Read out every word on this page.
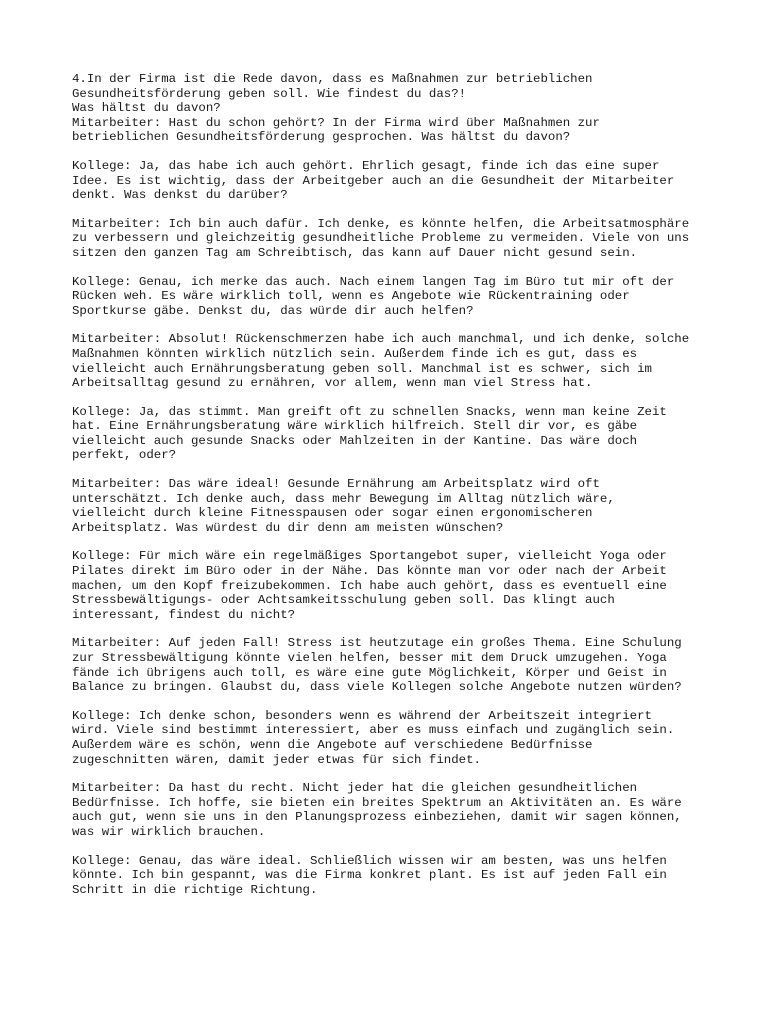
4.In der Firma ist die Rede davon, dass es Maßnahmen zur betrieblichen
Gesundheitsförderung geben soll. Wie findest du das?!
Was hältst du davon?
Mitarbeiter: Hast du schon gehört? In der Firma wird über Maßnahmen zur
betrieblichen Gesundheitsförderung gesprochen. Was hältst du davon?
Kollege: Ja, das habe ich auch gehört. Ehrlich gesagt, finde ich das eine super
Idee. Es ist wichtig, dass der Arbeitgeber auch an die Gesundheit der Mitarbeiter
denkt. Was denkst du darüber?
Mitarbeiter: Ich bin auch dafür. Ich denke, es könnte helfen, die Arbeitsatmosphäre
zu verbessern und gleichzeitig gesundheitliche Probleme zu vermeiden. Viele von uns
sitzen den ganzen Tag am Schreibtisch, das kann auf Dauer nicht gesund sein.
Kollege: Genau, ich merke das auch. Nach einem langen Tag im Büro tut mir oft der
Rücken weh. Es wäre wirklich toll, wenn es Angebote wie Rückentraining oder
Sportkurse gäbe. Denkst du, das würde dir auch helfen?
Mitarbeiter: Absolut! Rückenschmerzen habe ich auch manchmal, und ich denke, solche
Maßnahmen könnten wirklich nützlich sein. Außerdem finde ich es gut, dass es
vielleicht auch Ernährungsberatung geben soll. Manchmal ist es schwer, sich im
Arbeitsalltag gesund zu ernähren, vor allem, wenn man viel Stress hat.
Kollege: Ja, das stimmt. Man greift oft zu schnellen Snacks, wenn man keine Zeit
hat. Eine Ernährungsberatung wäre wirklich hilfreich. Stell dir vor, es gäbe
vielleicht auch gesunde Snacks oder Mahlzeiten in der Kantine. Das wäre doch
perfekt, oder?
Mitarbeiter: Das wäre ideal! Gesunde Ernährung am Arbeitsplatz wird oft
unterschätzt. Ich denke auch, dass mehr Bewegung im Alltag nützlich wäre,
vielleicht durch kleine Fitnesspausen oder sogar einen ergonomischeren
Arbeitsplatz. Was würdest du dir denn am meisten wünschen?
Kollege: Für mich wäre ein regelmäßiges Sportangebot super, vielleicht Yoga oder
Pilates direkt im Büro oder in der Nähe. Das könnte man vor oder nach der Arbeit
machen, um den Kopf freizubekommen. Ich habe auch gehört, dass es eventuell eine
Stressbewältigungs- oder Achtsamkeitsschulung geben soll. Das klingt auch
interessant, findest du nicht?
Mitarbeiter: Auf jeden Fall! Stress ist heutzutage ein großes Thema. Eine Schulung
zur Stressbewältigung könnte vielen helfen, besser mit dem Druck umzugehen. Yoga
fände ich übrigens auch toll, es wäre eine gute Möglichkeit, Körper und Geist in
Balance zu bringen. Glaubst du, dass viele Kollegen solche Angebote nutzen würden?
Kollege: Ich denke schon, besonders wenn es während der Arbeitszeit integriert
wird. Viele sind bestimmt interessiert, aber es muss einfach und zugänglich sein.
Außerdem wäre es schön, wenn die Angebote auf verschiedene Bedürfnisse
zugeschnitten wären, damit jeder etwas für sich findet.
Mitarbeiter: Da hast du recht. Nicht jeder hat die gleichen gesundheitlichen
Bedürfnisse. Ich hoffe, sie bieten ein breites Spektrum an Aktivitäten an. Es wäre
auch gut, wenn sie uns in den Planungsprozess einbeziehen, damit wir sagen können,
was wir wirklich brauchen.
Kollege: Genau, das wäre ideal. Schließlich wissen wir am besten, was uns helfen
könnte. Ich bin gespannt, was die Firma konkret plant. Es ist auf jeden Fall ein
Schritt in die richtige Richtung.
